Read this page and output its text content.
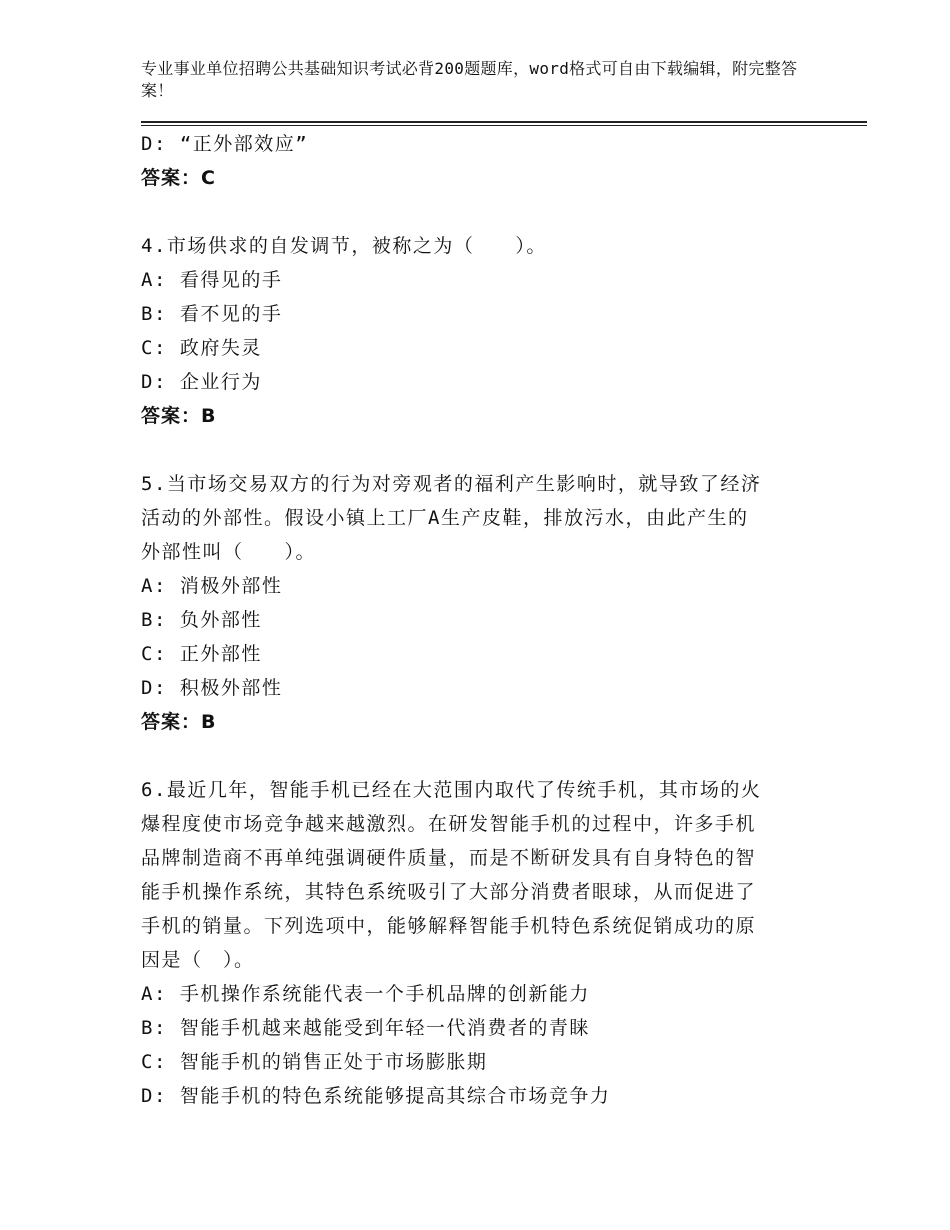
专业事业单位招聘公共基础知识考试必背200题题库，word格式可自由下载编辑，附完整答案！
D: “正外部效应”
答案：C
4.市场供求的自发调节，被称之为（　　）。
A: 看得见的手
B: 看不见的手
C: 政府失灵
D: 企业行为
答案：B
5.当市场交易双方的行为对旁观者的福利产生影响时，就导致了经济
活动的外部性。假设小镇上工厂A生产皮鞋，排放污水，由此产生的
外部性叫（　　）。
A: 消极外部性
B: 负外部性
C: 正外部性
D: 积极外部性
答案：B
6.最近几年，智能手机已经在大范围内取代了传统手机，其市场的火
爆程度使市场竞争越来越激烈。在研发智能手机的过程中，许多手机
品牌制造商不再单纯强调硬件质量，而是不断研发具有自身特色的智
能手机操作系统，其特色系统吸引了大部分消费者眼球，从而促进了
手机的销量。下列选项中，能够解释智能手机特色系统促销成功的原
因是（　）。
A: 手机操作系统能代表一个手机品牌的创新能力
B: 智能手机越来越能受到年轻一代消费者的青睐
C: 智能手机的销售正处于市场膨胀期
D: 智能手机的特色系统能够提高其综合市场竞争力
